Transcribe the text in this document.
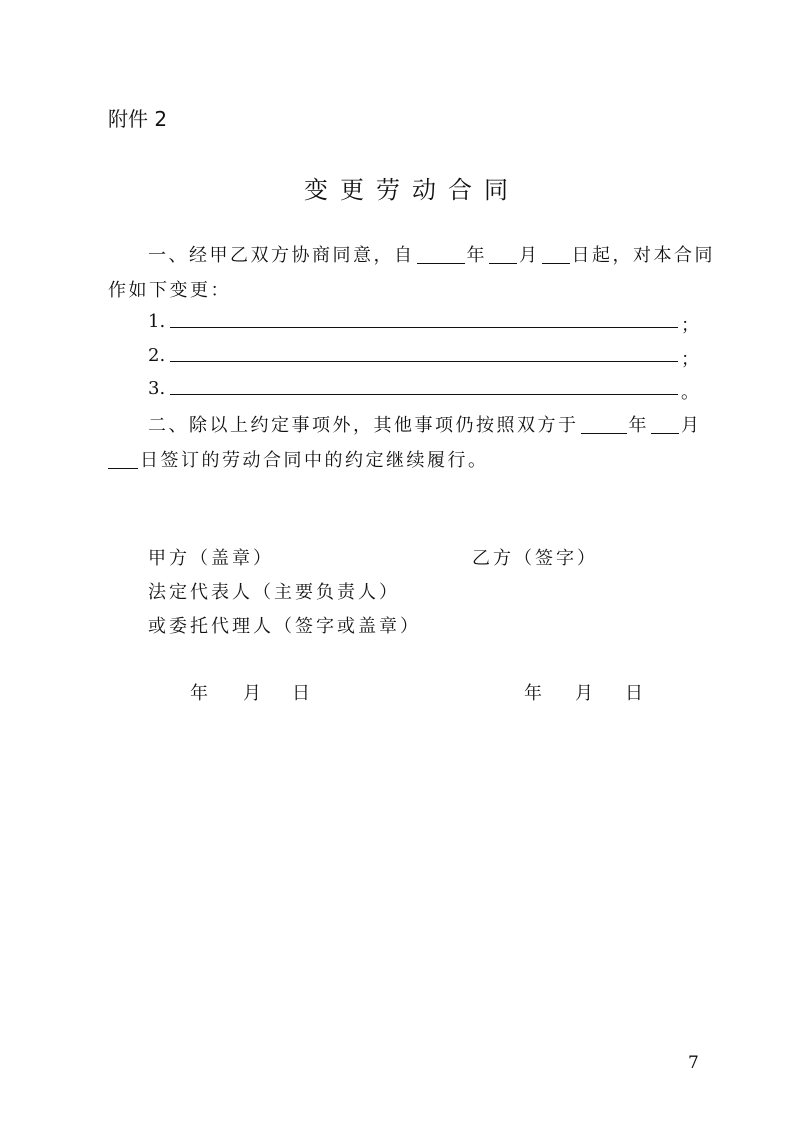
附件 2
变更劳动合同
一、经甲乙双方协商同意，自	年 月 日起，对本合同
作如下变更：
1.	；
2.	；
3.	。
二、除以上约定事项外，其他事项仍按照双方于	年 月
日签订的劳动合同中的约定继续履行。
甲方（盖章）	乙方（签字）
法定代表人（主要负责人）
或委托代理人（签字或盖章）
年 月 日	年 月 日
7
